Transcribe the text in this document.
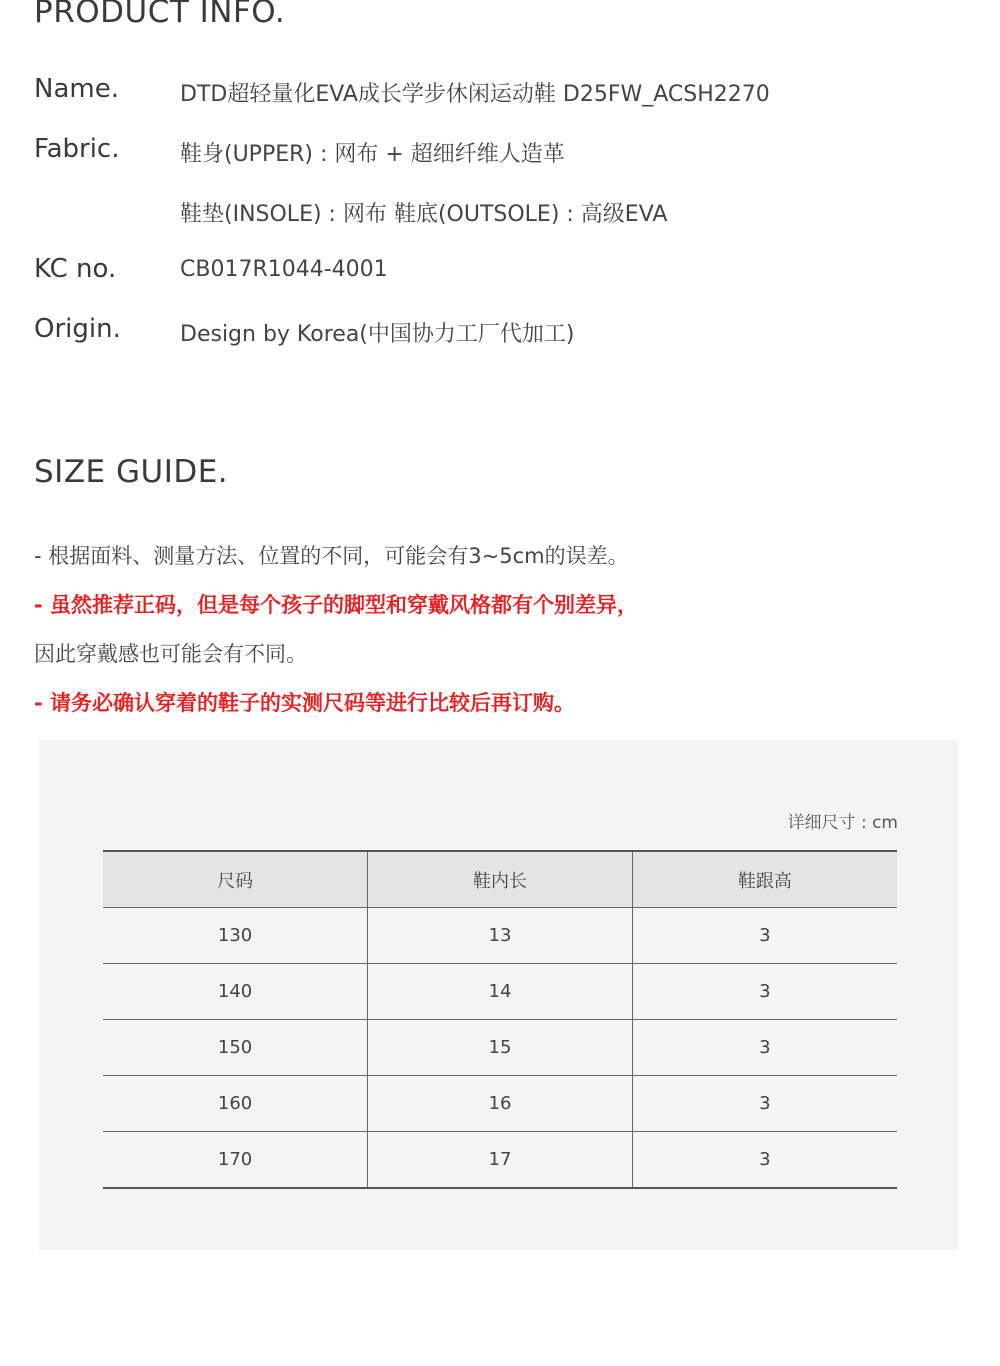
PRODUCT INFO.
Name.	DTD超轻量化EVA成长学步休闲运动鞋 D25FW_ACSH2270
Fabric.	鞋身(UPPER) : 网布 + 超细纤维人造革
鞋垫(INSOLE) : 网布 鞋底(OUTSOLE) : 高级EVA
KC no.	CB017R1044-4001
Origin.	Design by Korea(中国协力工厂代加工)
SIZE GUIDE.
- 根据面料、测量方法、位置的不同，可能会有3~5cm的误差。
- 虽然推荐正码，但是每个孩子的脚型和穿戴风格都有个别差异，
因此穿戴感也可能会有不同。
- 请务必确认穿着的鞋子的实测尺码等进行比较后再订购。
详细尺寸 : cm
尺码	鞋内长	鞋跟高
130	13	3
140	14	3
150	15	3
160	16	3
170	17	3
